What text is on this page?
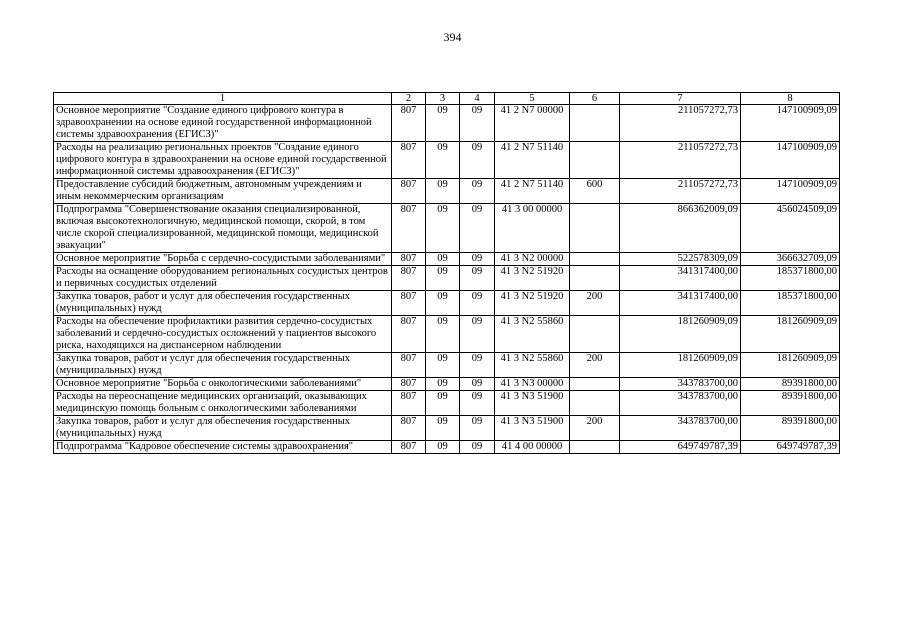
394
1	2	3	4	5	6	7	8
Основное мероприятие "Создание единого цифрового контура в здравоохранении на основе единой государственной информационной системы здравоохранения (ЕГИСЗ)"	807	09	09	41 2 N7 00000		211057272,73	147100909,09
Расходы на реализацию региональных проектов "Создание единого цифрового контура в здравоохранении на основе единой государственной информационной системы здравоохранения (ЕГИСЗ)"	807	09	09	41 2 N7 51140		211057272,73	147100909,09
Предоставление субсидий бюджетным, автономным учреждениям и иным некоммерческим организациям	807	09	09	41 2 N7 51140	600	211057272,73	147100909,09
Подпрограмма "Совершенствование оказания специализированной, включая высокотехнологичную, медицинской помощи, скорой, в том числе скорой специализированной, медицинской помощи, медицинской эвакуации"	807	09	09	41 3 00 00000		866362009,09	456024509,09
Основное мероприятие "Борьба с сердечно-сосудистыми заболеваниями"	807	09	09	41 3 N2 00000		522578309,09	366632709,09
Расходы на оснащение оборудованием региональных сосудистых центров и первичных сосудистых отделений	807	09	09	41 3 N2 51920		341317400,00	185371800,00
Закупка товаров, работ и услуг для обеспечения государственных (муниципальных) нужд	807	09	09	41 3 N2 51920	200	341317400,00	185371800,00
Расходы на обеспечение профилактики развития сердечно-сосудистых заболеваний и сердечно-сосудистых осложнений у пациентов высокого риска, находящихся на диспансерном наблюдении	807	09	09	41 3 N2 55860		181260909,09	181260909,09
Закупка товаров, работ и услуг для обеспечения государственных (муниципальных) нужд	807	09	09	41 3 N2 55860	200	181260909,09	181260909,09
Основное мероприятие "Борьба с онкологическими заболеваниями"	807	09	09	41 3 N3 00000		343783700,00	89391800,00
Расходы на переоснащение медицинских организаций, оказывающих медицинскую помощь больным с онкологическими заболеваниями	807	09	09	41 3 N3 51900		343783700,00	89391800,00
Закупка товаров, работ и услуг для обеспечения государственных (муниципальных) нужд	807	09	09	41 3 N3 51900	200	343783700,00	89391800,00
Подпрограмма "Кадровое обеспечение системы здравоохранения"	807	09	09	41 4 00 00000		649749787,39	649749787,39
